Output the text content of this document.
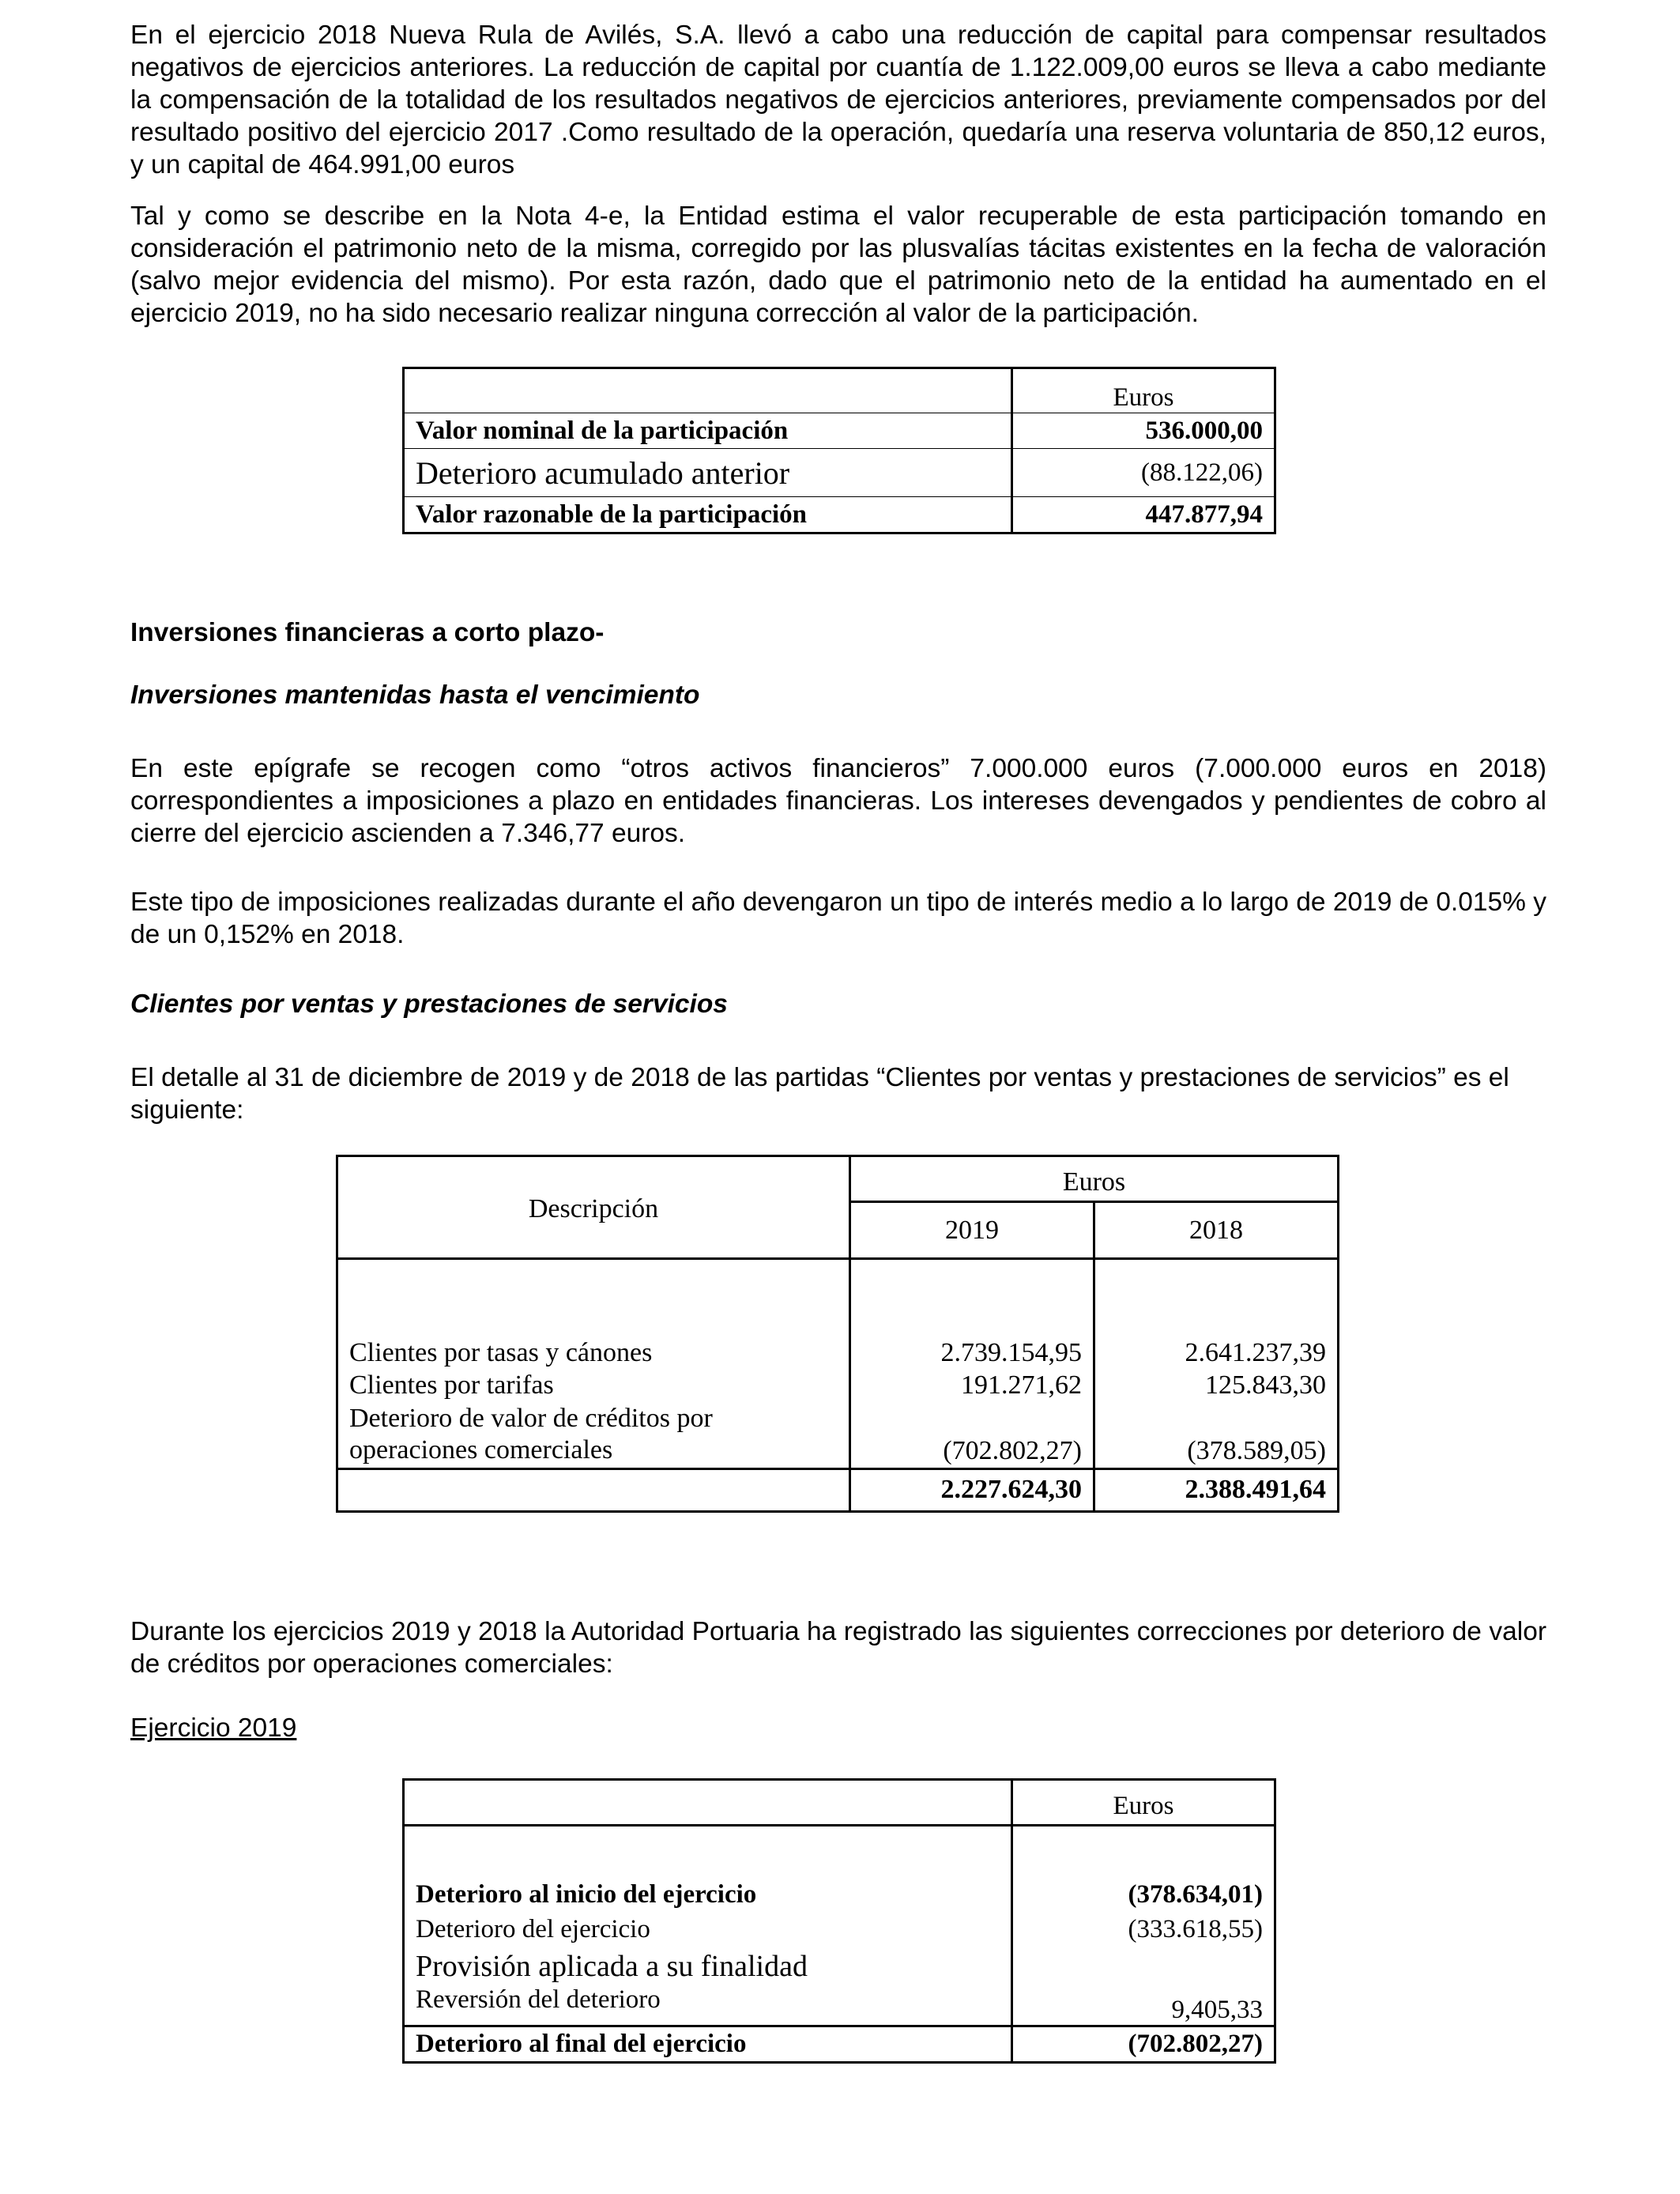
En el ejercicio 2018 Nueva Rula de Avilés, S.A. llevó a cabo una reducción de capital para compensar resultados negativos de ejercicios anteriores. La reducción de capital por cuantía de 1.122.009,00 euros se lleva a cabo mediante la compensación de la totalidad de los resultados negativos de ejercicios anteriores, previamente compensados por del resultado positivo del ejercicio 2017 .Como resultado de la operación, quedaría una reserva voluntaria de 850,12 euros, y un capital de 464.991,00 euros

Tal y como se describe en la Nota 4-e, la Entidad estima el valor recuperable de esta participación tomando en consideración el patrimonio neto de la misma, corregido por las plusvalías tácitas existentes en la fecha de valoración (salvo mejor evidencia del mismo). Por esta razón, dado que el patrimonio neto de la entidad ha aumentado en el ejercicio 2019, no ha sido necesario realizar ninguna corrección al valor de la participación.

	Euros
Valor nominal de la participación	536.000,00
Deterioro acumulado anterior	(88.122,06)
Valor razonable de la participación	447.877,94

Inversiones financieras a corto plazo-

Inversiones mantenidas hasta el vencimiento

En este epígrafe se recogen como “otros activos financieros” 7.000.000 euros (7.000.000 euros en 2018) correspondientes a imposiciones a plazo en entidades financieras. Los intereses devengados y pendientes de cobro al cierre del ejercicio ascienden a 7.346,77 euros.

Este tipo de imposiciones realizadas durante el año devengaron un tipo de interés medio a lo largo de 2019 de 0.015% y de un 0,152% en 2018.

Clientes por ventas y prestaciones de servicios

El detalle al 31 de diciembre de 2019 y de 2018 de las partidas “Clientes por ventas y prestaciones de servicios” es el siguiente:

Descripción	Euros	
	2019	2018

Clientes por tasas y cánones	2.739.154,95	2.641.237,39
Clientes por tarifas	191.271,62	125.843,30
Deterioro de valor de créditos por
operaciones comerciales	(702.802,27)	(378.589,05)
	2.227.624,30	2.388.491,64

Durante los ejercicios 2019 y 2018 la Autoridad Portuaria ha registrado las siguientes correcciones por deterioro de valor de créditos por operaciones comerciales:

Ejercicio 2019

	Euros

Deterioro al inicio del ejercicio	(378.634,01)
Deterioro del ejercicio	(333.618,55)
Provisión aplicada a su finalidad	
Reversión del deterioro	9,405,33
Deterioro al final del ejercicio	(702.802,27)
